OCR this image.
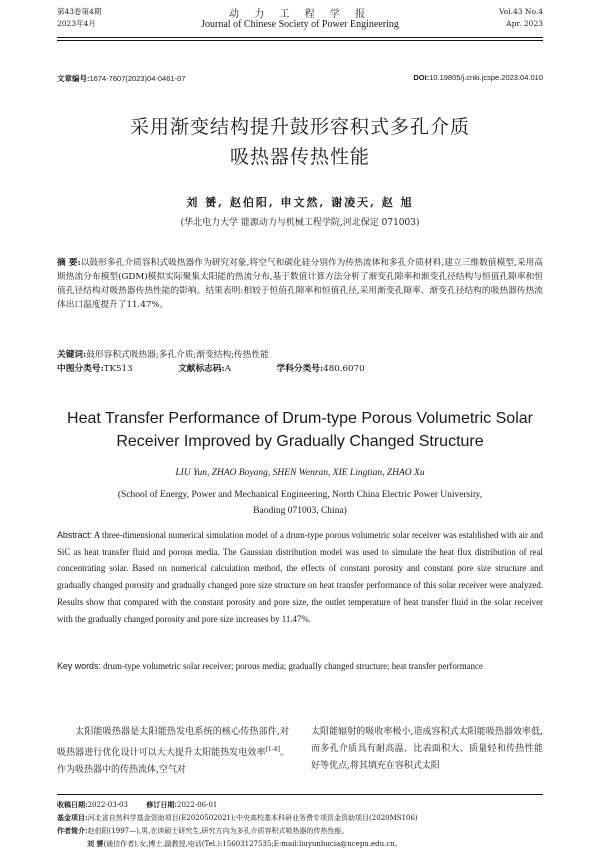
第43卷第4期
2023年4月
动 力 工 程 学 报
Journal of Chinese Society of Power Engineering
Vol.43 No.4
Apr. 2023
文章编号:1674-7607(2023)04-0461-07	DOI:10.19805/j.cnki.jcspe.2023.04.010
采用渐变结构提升鼓形容积式多孔介质
吸热器传热性能
刘 赟, 赵伯阳, 申文然, 谢凌天, 赵 旭
(华北电力大学 能源动力与机械工程学院,河北保定 071003)
摘 要:以鼓形多孔介质容积式吸热器作为研究对象,将空气和碳化硅分别作为传热流体和多孔介质材料,建立三维数值模型,采用高斯热流分布模型(GDM)模拟实际聚集太阳能的热流分布,基于数值计算方法分析了渐变孔隙率和渐变孔径结构与恒值孔隙率和恒值孔径结构对吸热器传热性能的影响。结果表明:相较于恒值孔隙率和恒值孔径,采用渐变孔隙率、渐变孔径结构的吸热器传热流体出口温度提升了11.47%。
关键词:鼓形容积式吸热器;多孔介质;渐变结构;传热性能
中图分类号:TK513	文献标志码:A	学科分类号:480.6070
Heat Transfer Performance of Drum-type Porous Volumetric Solar
Receiver Improved by Gradually Changed Structure
LIU Yun, ZHAO Boyang, SHEN Wenran, XIE Lingtian, ZHAO Xu
(School of Energy, Power and Mechanical Engineering, North China Electric Power University,
Baoding 071003, China)
Abstract: A three-dimensional numerical simulation model of a drum-type porous volumetric solar receiver was established with air and SiC as heat transfer fluid and porous media. The Gaussian distribution model was used to simulate the heat flux distribution of real concentrating solar. Based on numerical calculation method, the effects of constant porosity and constant pore size structure and gradually changed porosity and gradually changed pore size structure on heat transfer performance of this solar receiver were analyzed. Results show that compared with the constant porosity and pore size, the outlet temperature of heat transfer fluid in the solar receiver with the gradually changed porosity and pore size increases by 11.47%.
Key words: drum-type volumetric solar receiver; porous media; gradually changed structure; heat transfer performance
太阳能吸热器是太阳能热发电系统的核心传热部件,对吸热器进行优化设计可以大大提升太阳能热发电效率[1-4]。作为吸热器中的传热流体,空气对
太阳能辐射的吸收率极小,造成容积式太阳能吸热器效率低,而多孔介质具有耐高温、比表面积大、质量轻和传热性能好等优点,将其填充在容积式太阳
收稿日期:2022-03-03	修订日期:2022-06-01
基金项目:河北省自然科学基金资助项目(E2020502021);中央高校基本科研业务费专项资金资助项目(2020MS106)
作者简介:赵伯阳(1997—),男,在读硕士研究生,研究方向为多孔介质容积式吸热器的传热性能。
刘 赟(通信作者),女,博士,副教授,电话(Tel.):15603127535;E-mail:liuyunhucia@ncepu.edu.cn。
